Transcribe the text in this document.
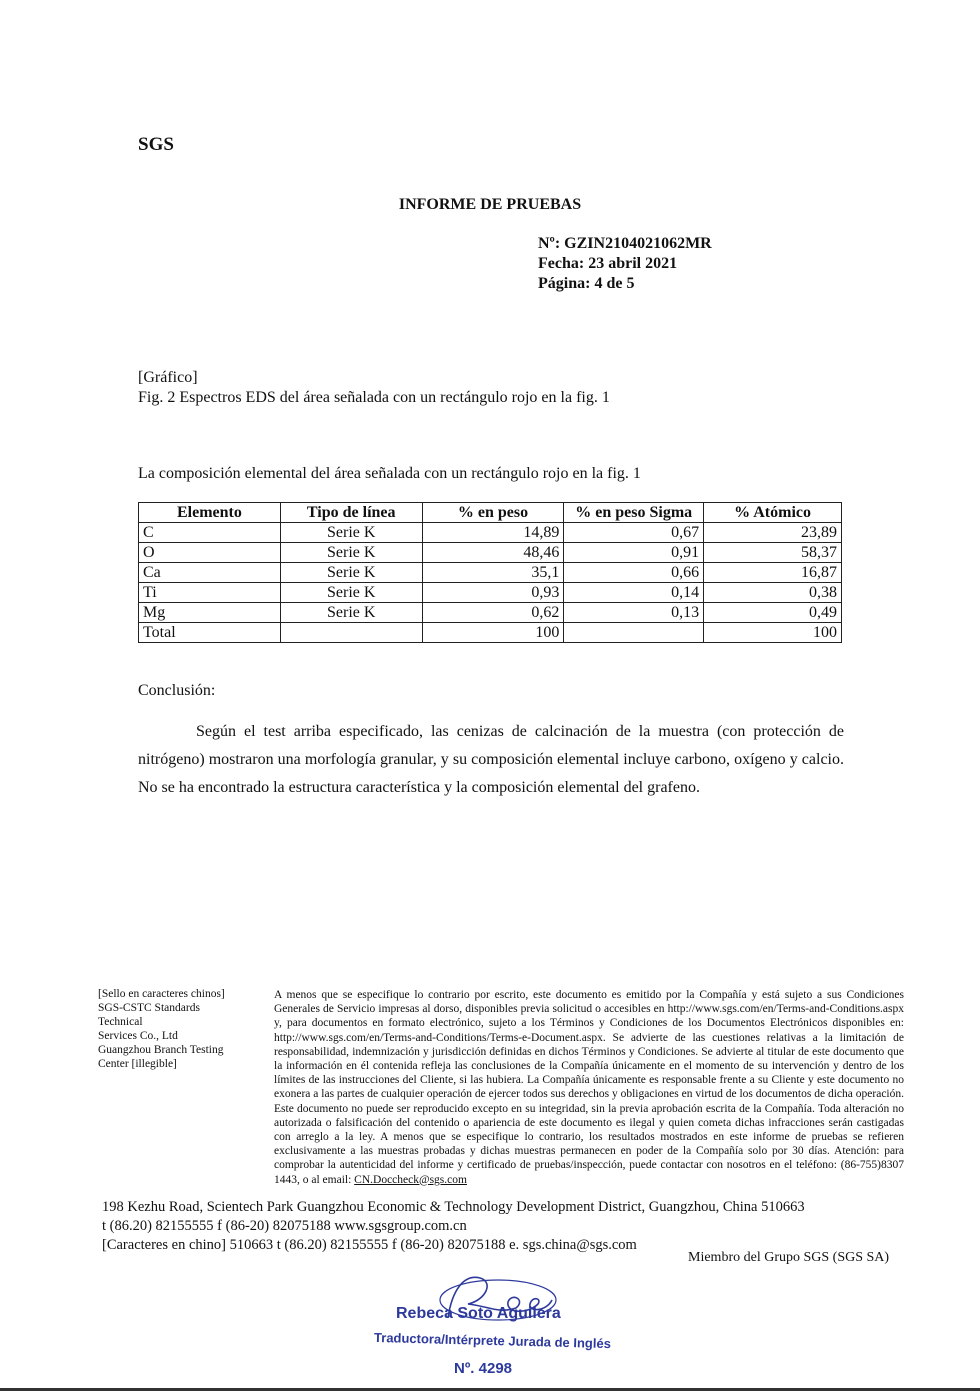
SGS
INFORME DE PRUEBAS
Nº: GZIN2104021062MR
Fecha: 23 abril 2021
Página: 4 de 5
[Gráfico]
Fig. 2 Espectros EDS del área señalada con un rectángulo rojo en la fig. 1
La composición elemental del área señalada con un rectángulo rojo en la fig. 1
Elemento	Tipo de línea	% en peso	% en peso Sigma	% Atómico
C	Serie K	14,89	0,67	23,89
O	Serie K	48,46	0,91	58,37
Ca	Serie K	35,1	0,66	16,87
Ti	Serie K	0,93	0,14	0,38
Mg	Serie K	0,62	0,13	0,49
Total		100		100
Conclusión:
Según el test arriba especificado, las cenizas de calcinación de la muestra (con protección de nitrógeno) mostraron una morfología granular, y su composición elemental incluye carbono, oxígeno y calcio. No se ha encontrado la estructura característica y la composición elemental del grafeno.
[Sello en caracteres chinos]
SGS-CSTC Standards
Technical
Services Co., Ltd
Guangzhou Branch Testing
Center [illegible]
A menos que se especifique lo contrario por escrito, este documento es emitido por la Compañía y está sujeto a sus Condiciones Generales de Servicio impresas al dorso, disponibles previa solicitud o accesibles en http://www.sgs.com/en/Terms-and-Conditions.aspx y, para documentos en formato electrónico, sujeto a los Términos y Condiciones de los Documentos Electrónicos disponibles en: http://www.sgs.com/en/Terms-and-Conditions/Terms-e-Document.aspx. Se advierte de las cuestiones relativas a la limitación de responsabilidad, indemnización y jurisdicción definidas en dichos Términos y Condiciones. Se advierte al titular de este documento que la información en él contenida refleja las conclusiones de la Compañía únicamente en el momento de su intervención y dentro de los límites de las instrucciones del Cliente, si las hubiera. La Compañía únicamente es responsable frente a su Cliente y este documento no exonera a las partes de cualquier operación de ejercer todos sus derechos y obligaciones en virtud de los documentos de dicha operación. Este documento no puede ser reproducido excepto en su integridad, sin la previa aprobación escrita de la Compañía. Toda alteración no autorizada o falsificación del contenido o apariencia de este documento es ilegal y quien cometa dichas infracciones serán castigadas con arreglo a la ley. A menos que se especifique lo contrario, los resultados mostrados en este informe de pruebas se refieren exclusivamente a las muestras probadas y dichas muestras permanecen en poder de la Compañía solo por 30 días. Atención: para comprobar la autenticidad del informe y certificado de pruebas/inspección, puede contactar con nosotros en el teléfono: (86-755)8307 1443, o al email: CN.Doccheck@sgs.com
198 Kezhu Road, Scientech Park Guangzhou Economic & Technology Development District, Guangzhou, China 510663
t (86.20) 82155555 f (86-20) 82075188 www.sgsgroup.com.cn
[Caracteres en chino] 510663 t (86.20) 82155555 f (86-20) 82075188 e. sgs.china@sgs.com
Miembro del Grupo SGS (SGS SA)
Rebeca Soto Aguilera
Traductora/Intérprete Jurada de Inglés
Nº. 4298
